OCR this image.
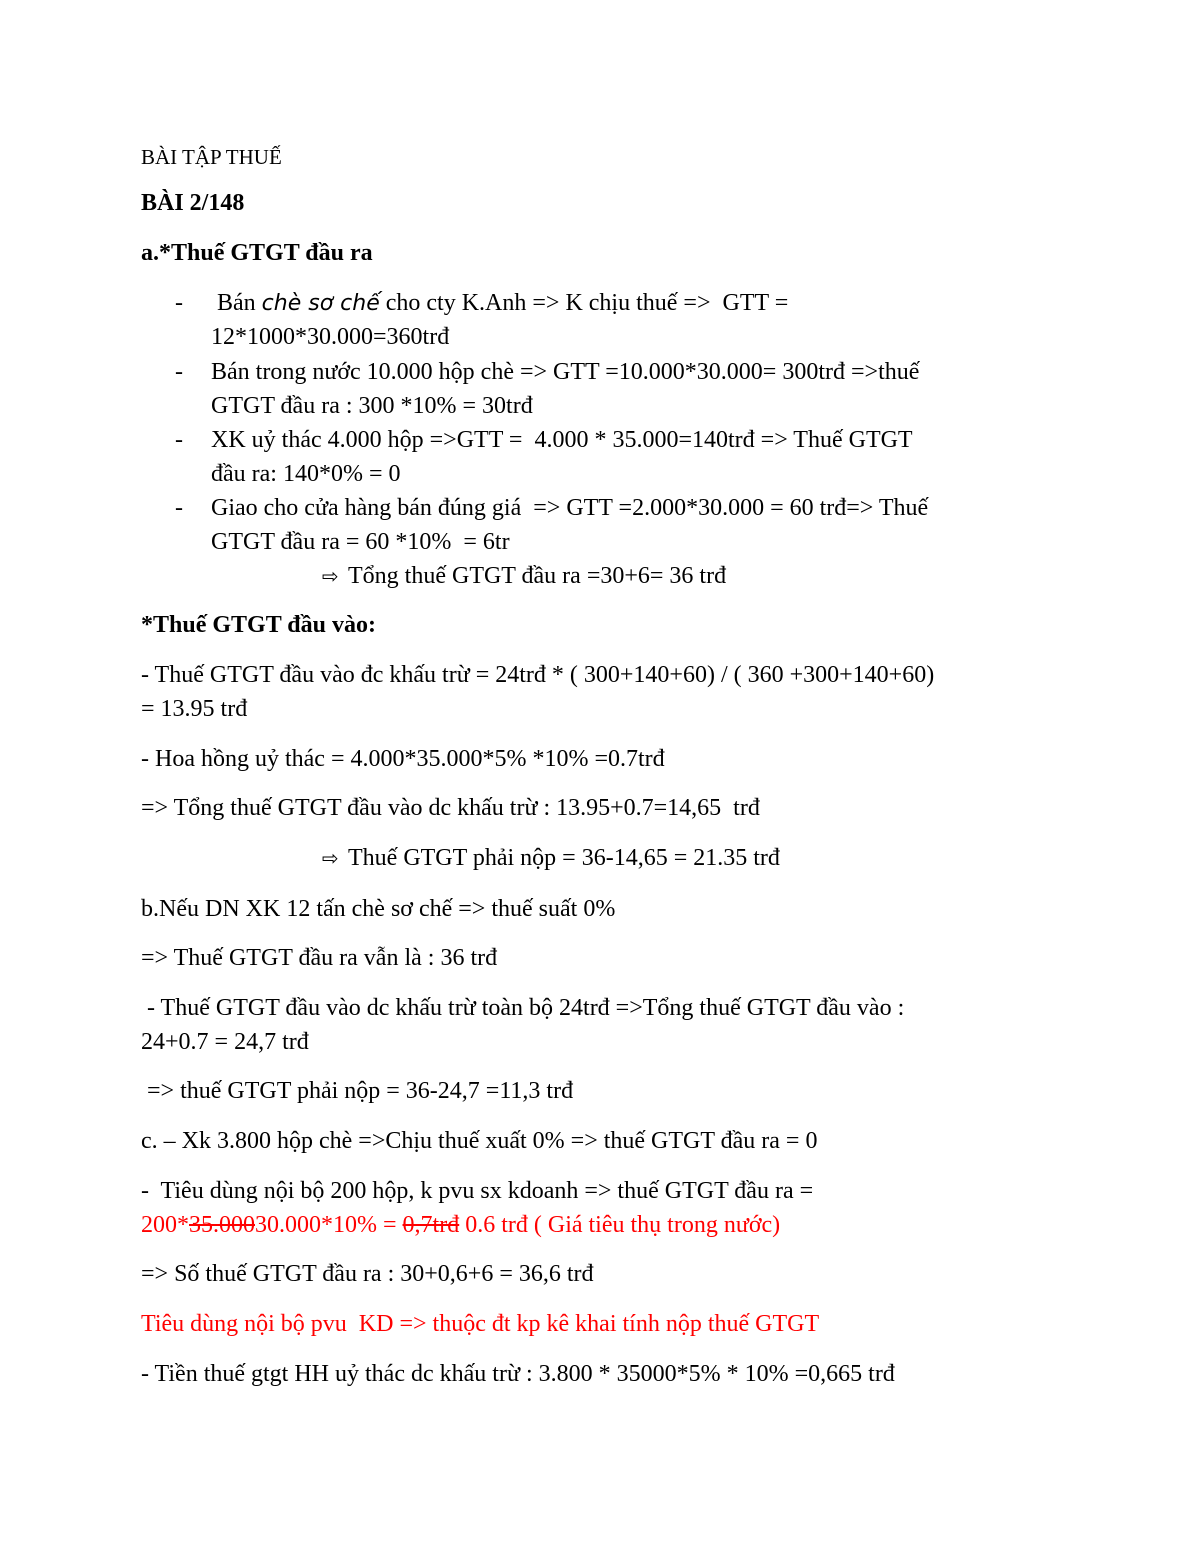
BÀI TẬP THUẾ
BÀI 2/148
a.*Thuế GTGT đầu ra
- Bán chè sơ chế cho cty K.Anh => K chịu thuế =>  GTT =
12*1000*30.000=360trđ
- Bán trong nước 10.000 hộp chè => GTT =10.000*30.000= 300trđ =>thuế
GTGT đầu ra : 300 *10% = 30trđ
- XK uỷ thác 4.000 hộp =>GTT =  4.000 * 35.000=140trđ => Thuế GTGT
đầu ra: 140*0% = 0
- Giao cho cửa hàng bán đúng giá  => GTT =2.000*30.000 = 60 trđ=> Thuế
GTGT đầu ra = 60 *10%  = 6tr
⇨ Tổng thuế GTGT đầu ra =30+6= 36 trđ
*Thuế GTGT đầu vào:
- Thuế GTGT đầu vào đc khấu trừ = 24trđ * ( 300+140+60) / ( 360 +300+140+60)
= 13.95 trđ
- Hoa hồng uỷ thác = 4.000*35.000*5% *10% =0.7trđ
=> Tổng thuế GTGT đầu vào dc khấu trừ : 13.95+0.7=14,65  trđ
⇨ Thuế GTGT phải nộp = 36-14,65 = 21.35 trđ
b.Nếu DN XK 12 tấn chè sơ chế => thuế suất 0%
=> Thuế GTGT đầu ra vẫn là : 36 trđ
- Thuế GTGT đầu vào dc khấu trừ toàn bộ 24trđ =>Tổng thuế GTGT đầu vào :
24+0.7 = 24,7 trđ
=> thuế GTGT phải nộp = 36-24,7 =11,3 trđ
c. – Xk 3.800 hộp chè =>Chịu thuế xuất 0% => thuế GTGT đầu ra = 0
-  Tiêu dùng nội bộ 200 hộp, k pvu sx kdoanh => thuế GTGT đầu ra =
200*35.00030.000*10% = 0,7trđ 0.6 trđ ( Giá tiêu thụ trong nước)
=> Số thuế GTGT đầu ra : 30+0,6+6 = 36,6 trđ
Tiêu dùng nội bộ pvu  KD => thuộc đt kp kê khai tính nộp thuế GTGT
- Tiền thuế gtgt HH uỷ thác dc khấu trừ : 3.800 * 35000*5% * 10% =0,665 trđ
